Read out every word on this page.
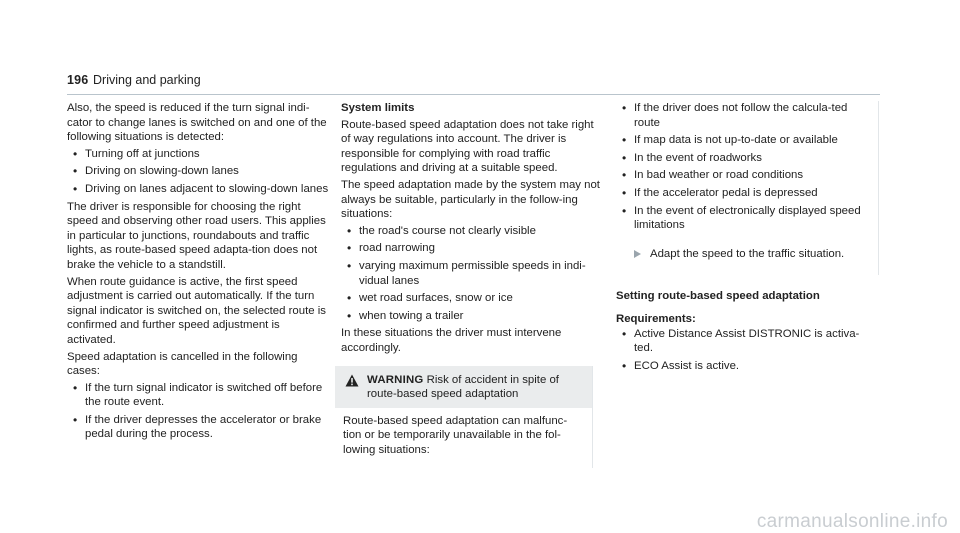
196 Driving and parking

Also, the speed is reduced if the turn signal indi-cator to change lanes is switched on and one of the following situations is detected:

• Turning off at junctions
• Driving on slowing-down lanes
• Driving on lanes adjacent to slowing-down lanes

The driver is responsible for choosing the right speed and observing other road users. This applies in particular to junctions, roundabouts and traffic lights, as route-based speed adapta-tion does not brake the vehicle to a standstill.

When route guidance is active, the first speed adjustment is carried out automatically. If the turn signal indicator is switched on, the selected route is confirmed and further speed adjustment is activated.

Speed adaptation is cancelled in the following cases:

• If the turn signal indicator is switched off before the route event.
• If the driver depresses the accelerator or brake pedal during the process.

System limits

Route-based speed adaptation does not take right of way regulations into account. The driver is responsible for complying with road traffic regulations and driving at a suitable speed.

The speed adaptation made by the system may not always be suitable, particularly in the follow-ing situations:

• the road's course not clearly visible
• road narrowing
• varying maximum permissible speeds in indi-vidual lanes
• wet road surfaces, snow or ice
• when towing a trailer

In these situations the driver must intervene accordingly.

WARNING Risk of accident in spite of route-based speed adaptation
Route-based speed adaptation can malfunc-tion or be temporarily unavailable in the fol-lowing situations:
• If the driver does not follow the calcula-ted route
• If map data is not up-to-date or available
• In the event of roadworks
• In bad weather or road conditions
• If the accelerator pedal is depressed
• In the event of electronically displayed speed limitations
Adapt the speed to the traffic situation.

Setting route-based speed adaptation

Requirements:

• Active Distance Assist DISTRONIC is activa-ted.
• ECO Assist is active.
carmanualsonline.info
